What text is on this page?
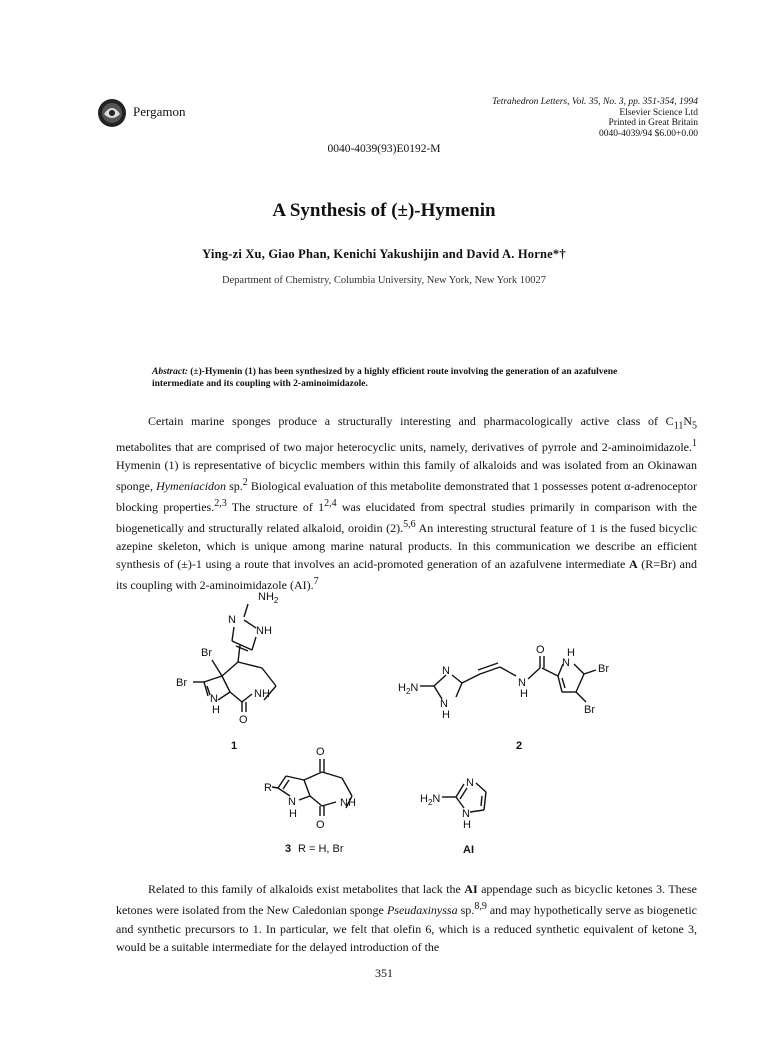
Pergamon
Tetrahedron Letters, Vol. 35, No. 3, pp. 351-354, 1994
Elsevier Science Ltd
Printed in Great Britain
0040-4039/94 $6.00+0.00
0040-4039(93)E0192-M
A Synthesis of (±)-Hymenin
Ying-zi Xu, Giao Phan, Kenichi Yakushijin and David A. Horne*†
Department of Chemistry, Columbia University, New York, New York 10027
Abstract: (±)-Hymenin (1) has been synthesized by a highly efficient route involving the generation of an azafulvene intermediate and its coupling with 2-aminoimidazole.
Certain marine sponges produce a structurally interesting and pharmacologically active class of $C_{11}N_5$ metabolites that are comprised of two major heterocyclic units, namely, derivatives of pyrrole and 2-aminoimidazole.$^1$ Hymenin (1) is representative of bicyclic members within this family of alkaloids and was isolated from an Okinawan sponge, Hymeniacidon sp.$^2$ Biological evaluation of this metabolite demonstrated that 1 possesses potent α-adrenoceptor blocking properties.$^{2,3}$ The structure of 1$^{2,4}$ was elucidated from spectral studies primarily in comparison with the biogenetically and structurally related alkaloid, oroidin (2).$^{5,6}$ An interesting structural feature of 1 is the fused bicyclic azepine skeleton, which is unique among marine natural products. In this communication we describe an efficient synthesis of (±)-1 using a route that involves an acid-promoted generation of an azafulvene intermediate A (R=Br) and its coupling with 2-aminoimidazole (AI).$^7$
$NH_2$
N
NH
Br
Br
N
H
NH
O
1
$H_2N$
N
N
H
N
H
O
N
H
Br
Br
2
O
NH
R
N
H
O
3 R = H, Br
$H_2N$
N
N
H
AI
Related to this family of alkaloids exist metabolites that lack the AI appendage such as bicyclic ketones 3. These ketones were isolated from the New Caledonian sponge Pseudaxinyssa sp.$^{8,9}$ and may hypothetically serve as biogenetic and synthetic precursors to 1. In particular, we felt that olefin 6, which is a reduced synthetic equivalent of ketone 3, would be a suitable intermediate for the delayed introduction of the
351
